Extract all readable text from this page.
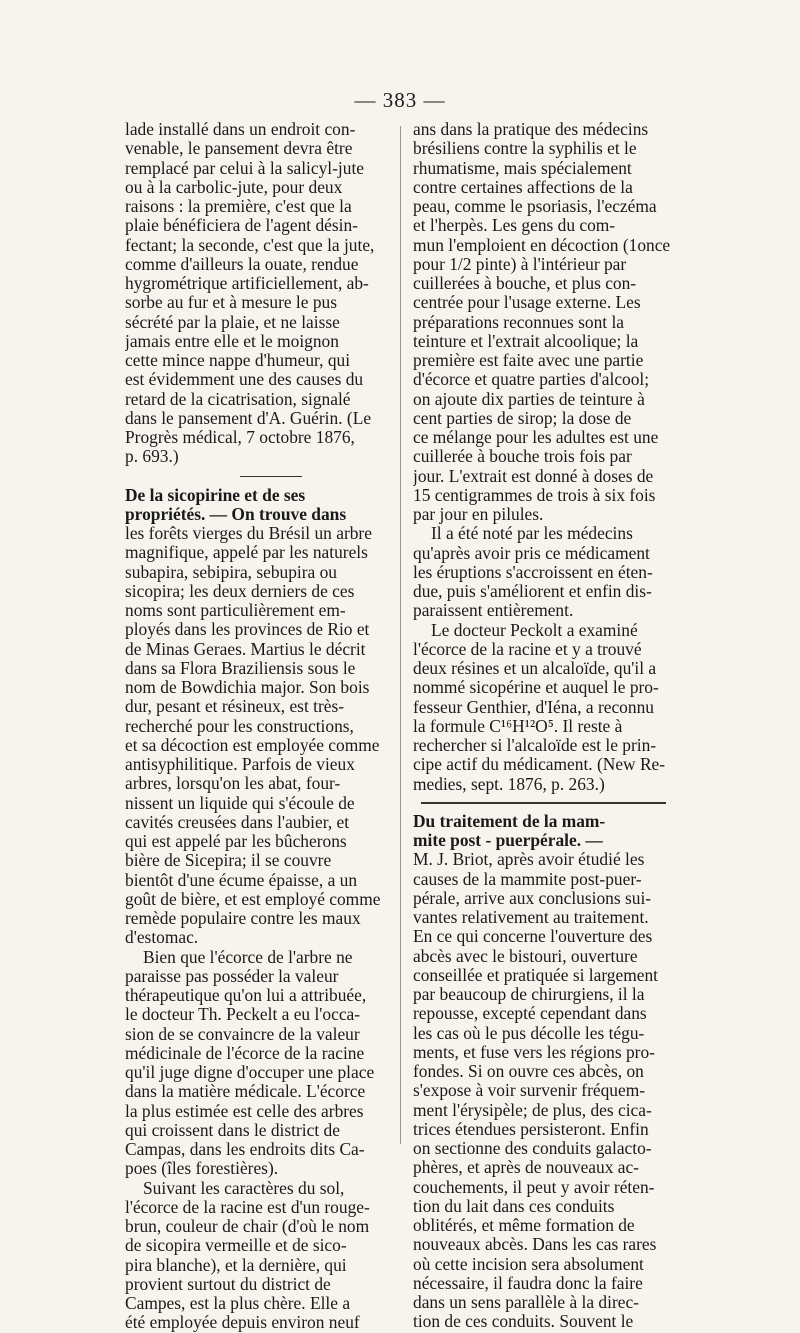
— 383 —
lade installé dans un endroit con-
venable, le pansement devra être
remplacé par celui à la salicyl-jute
ou à la carbolic-jute, pour deux
raisons : la première, c'est que la
plaie bénéficiera de l'agent désin-
fectant; la seconde, c'est que la jute,
comme d'ailleurs la ouate, rendue
hygrométrique artificiellement, ab-
sorbe au fur et à mesure le pus
sécrété par la plaie, et ne laisse
jamais entre elle et le moignon
cette mince nappe d'humeur, qui
est évidemment une des causes du
retard de la cicatrisation, signalé
dans le pansement d'A. Guérin. (Le
Progrès médical, 7 octobre 1876,
p. 693.)
De la sicopirine et de ses
propriétés. — On trouve dans
les forêts vierges du Brésil un arbre
magnifique, appelé par les naturels
subapira, sebipira, sebupira ou
sicopira; les deux derniers de ces
noms sont particulièrement em-
ployés dans les provinces de Rio et
de Minas Geraes. Martius le décrit
dans sa Flora Braziliensis sous le
nom de Bowdichia major. Son bois
dur, pesant et résineux, est très-
recherché pour les constructions,
et sa décoction est employée comme
antisyphilitique. Parfois de vieux
arbres, lorsqu'on les abat, four-
nissent un liquide qui s'écoule de
cavités creusées dans l'aubier, et
qui est appelé par les bûcherons
bière de Sicepira; il se couvre
bientôt d'une écume épaisse, a un
goût de bière, et est employé comme
remède populaire contre les maux
d'estomac.
Bien que l'écorce de l'arbre ne
paraisse pas posséder la valeur
thérapeutique qu'on lui a attribuée,
le docteur Th. Peckelt a eu l'occa-
sion de se convaincre de la valeur
médicinale de l'écorce de la racine
qu'il juge digne d'occuper une place
dans la matière médicale. L'écorce
la plus estimée est celle des arbres
qui croissent dans le district de
Campas, dans les endroits dits Ca-
poes (îles forestières).
Suivant les caractères du sol,
l'écorce de la racine est d'un rouge-
brun, couleur de chair (d'où le nom
de sicopira vermeille et de sico-
pira blanche), et la dernière, qui
provient surtout du district de
Campes, est la plus chère. Elle a
été employée depuis environ neuf
ans dans la pratique des médecins
brésiliens contre la syphilis et le
rhumatisme, mais spécialement
contre certaines affections de la
peau, comme le psoriasis, l'eczéma
et l'herpès. Les gens du com-
mun l'emploient en décoction (1once
pour 1/2 pinte) à l'intérieur par
cuillerées à bouche, et plus con-
centrée pour l'usage externe. Les
préparations reconnues sont la
teinture et l'extrait alcoolique; la
première est faite avec une partie
d'écorce et quatre parties d'alcool;
on ajoute dix parties de teinture à
cent parties de sirop; la dose de
ce mélange pour les adultes est une
cuillerée à bouche trois fois par
jour. L'extrait est donné à doses de
15 centigrammes de trois à six fois
par jour en pilules.
Il a été noté par les médecins
qu'après avoir pris ce médicament
les éruptions s'accroissent en éten-
due, puis s'améliorent et enfin dis-
paraissent entièrement.
Le docteur Peckolt a examiné
l'écorce de la racine et y a trouvé
deux résines et un alcaloïde, qu'il a
nommé sicopérine et auquel le pro-
fesseur Genthier, d'Iéna, a reconnu
la formule C¹⁶H¹²O⁵. Il reste à
rechercher si l'alcaloïde est le prin-
cipe actif du médicament. (New Re-
medies, sept. 1876, p. 263.)
Du traitement de la mam-
mite post - puerpérale. —
M. J. Briot, après avoir étudié les
causes de la mammite post-puer-
pérale, arrive aux conclusions sui-
vantes relativement au traitement.
En ce qui concerne l'ouverture des
abcès avec le bistouri, ouverture
conseillée et pratiquée si largement
par beaucoup de chirurgiens, il la
repousse, excepté cependant dans
les cas où le pus décolle les tégu-
ments, et fuse vers les régions pro-
fondes. Si on ouvre ces abcès, on
s'expose à voir survenir fréquem-
ment l'érysipèle; de plus, des cica-
trices étendues persisteront. Enfin
on sectionne des conduits galacto-
phères, et après de nouveaux ac-
couchements, il peut y avoir réten-
tion du lait dans ces conduits
oblitérés, et même formation de
nouveaux abcès. Dans les cas rares
où cette incision sera absolument
nécessaire, il faudra donc la faire
dans un sens parallèle à la direc-
tion de ces conduits. Souvent le
